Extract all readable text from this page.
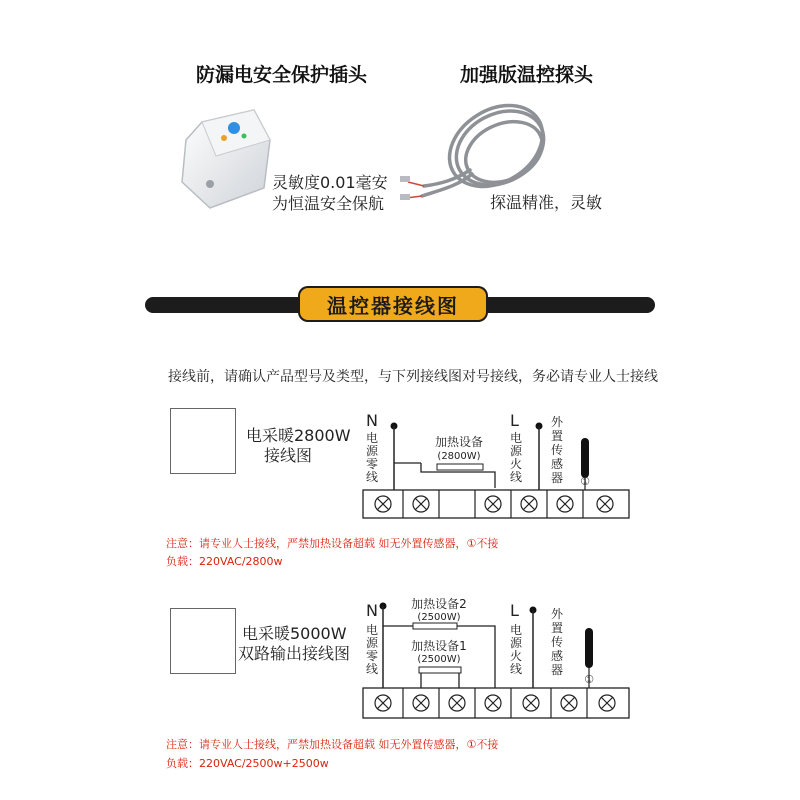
防漏电安全保护插头
灵敏度0.01毫安
为恒温安全保航
加强版温控探头
探温精准，灵敏
温控器接线图
接线前，请确认产品型号及类型，与下列接线图对号接线，务必请专业人士接线
电采暖2800W
接线图
N	L
电
源
零
线
电
源
火
线
外
置
传
感
器
加热设备
(2800W)
①
注意：请专业人士接线，严禁加热设备超载 如无外置传感器，①不接
负载：220VAC/2800w
电采暖5000W
双路输出接线图
N	L
电
源
零
线
电
源
火
线
外
置
传
感
器
加热设备2
(2500W)
加热设备1
(2500W)
①
注意：请专业人士接线，严禁加热设备超载 如无外置传感器，①不接
负载：220VAC/2500w+2500w
